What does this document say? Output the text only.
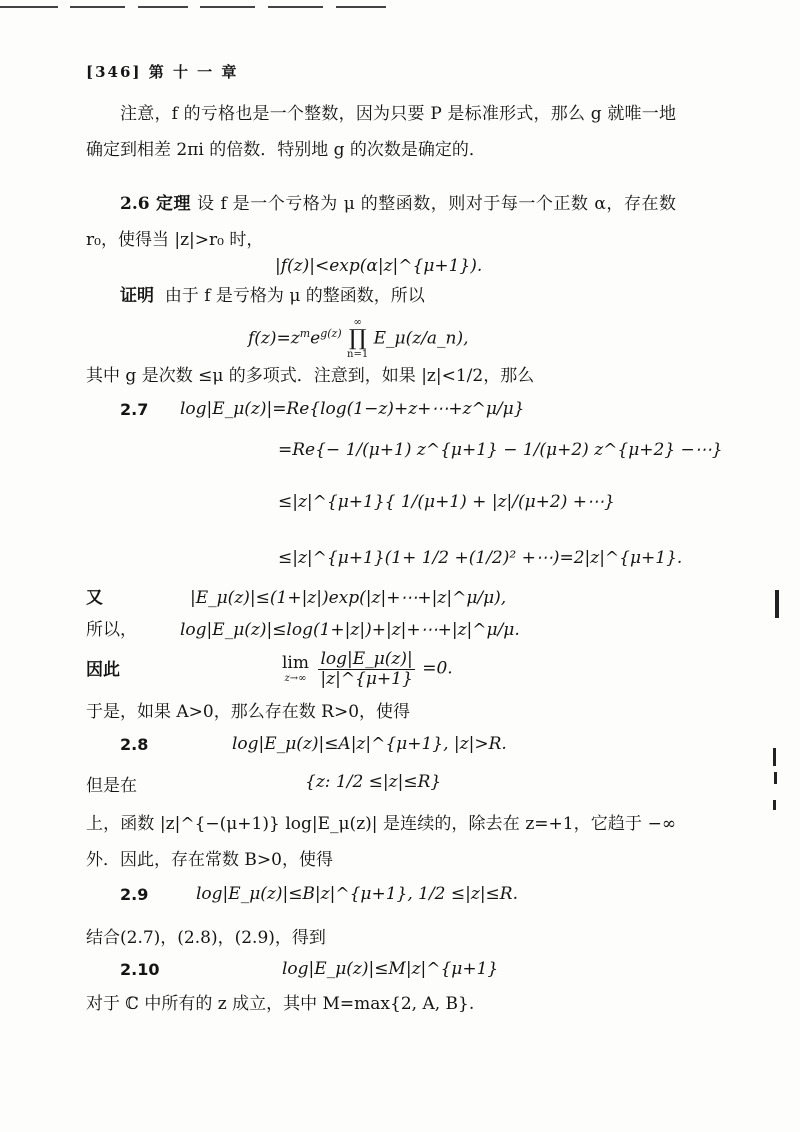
[346] 第 十 一 章
注意，f 的亏格也是一个整数，因为只要 P 是标准形式，那么 g 就唯一地确定到相差 2πi 的倍数．特别地 g 的次数是确定的．
2.6 定理 设 f 是一个亏格为 μ 的整函数，则对于每一个正数 α，存在数 r₀，使得当 |z|>r₀ 时，
|f(z)|<exp(α|z|^{μ+1}).
证明 由于 f 是亏格为 μ 的整函数，所以
$f(z)=z^me^{g(z)}$
∞
∏
n=1
E_μ(z/a_n),
其中 g 是次数 ≤μ 的多项式．注意到，如果 |z|<1/2，那么
2.7 log|E_μ(z)|=Re{log(1−z)+z+⋯+z^μ/μ}
=Re{− 1/(μ+1) z^{μ+1} − 1/(μ+2) z^{μ+2} −⋯}
≤|z|^{μ+1}{ 1/(μ+1) + |z|/(μ+2) +⋯}
≤|z|^{μ+1}(1+ 1/2 +(1/2)² +⋯)=2|z|^{μ+1}.
又	|E_μ(z)|≤(1+|z|)exp(|z|+⋯+|z|^μ/μ),
所以，	log|E_μ(z)|≤log(1+|z|)+|z|+⋯+|z|^μ/μ.
因此	lim
z→∞
$\frac{\log|E\_\mu(z)|}{|z|\^{}\{\mu+1\}} =0$.
于是，如果 A>0，那么存在数 R>0，使得
2.8	log|E_μ(z)|≤A|z|^{μ+1}, |z|>R.
但是在	{z: 1/2 ≤|z|≤R}
上，函数 |z|^{−(μ+1)} log|E_μ(z)| 是连续的，除去在 z=+1，它趋于 −∞ 外．因此，存在常数 B>0，使得
2.9	log|E_μ(z)|≤B|z|^{μ+1}, 1/2 ≤|z|≤R.
结合(2.7)，(2.8)，(2.9)，得到
2.10	log|E_μ(z)|≤M|z|^{μ+1}
对于 ℂ 中所有的 z 成立，其中 M=max{2, A, B}.
